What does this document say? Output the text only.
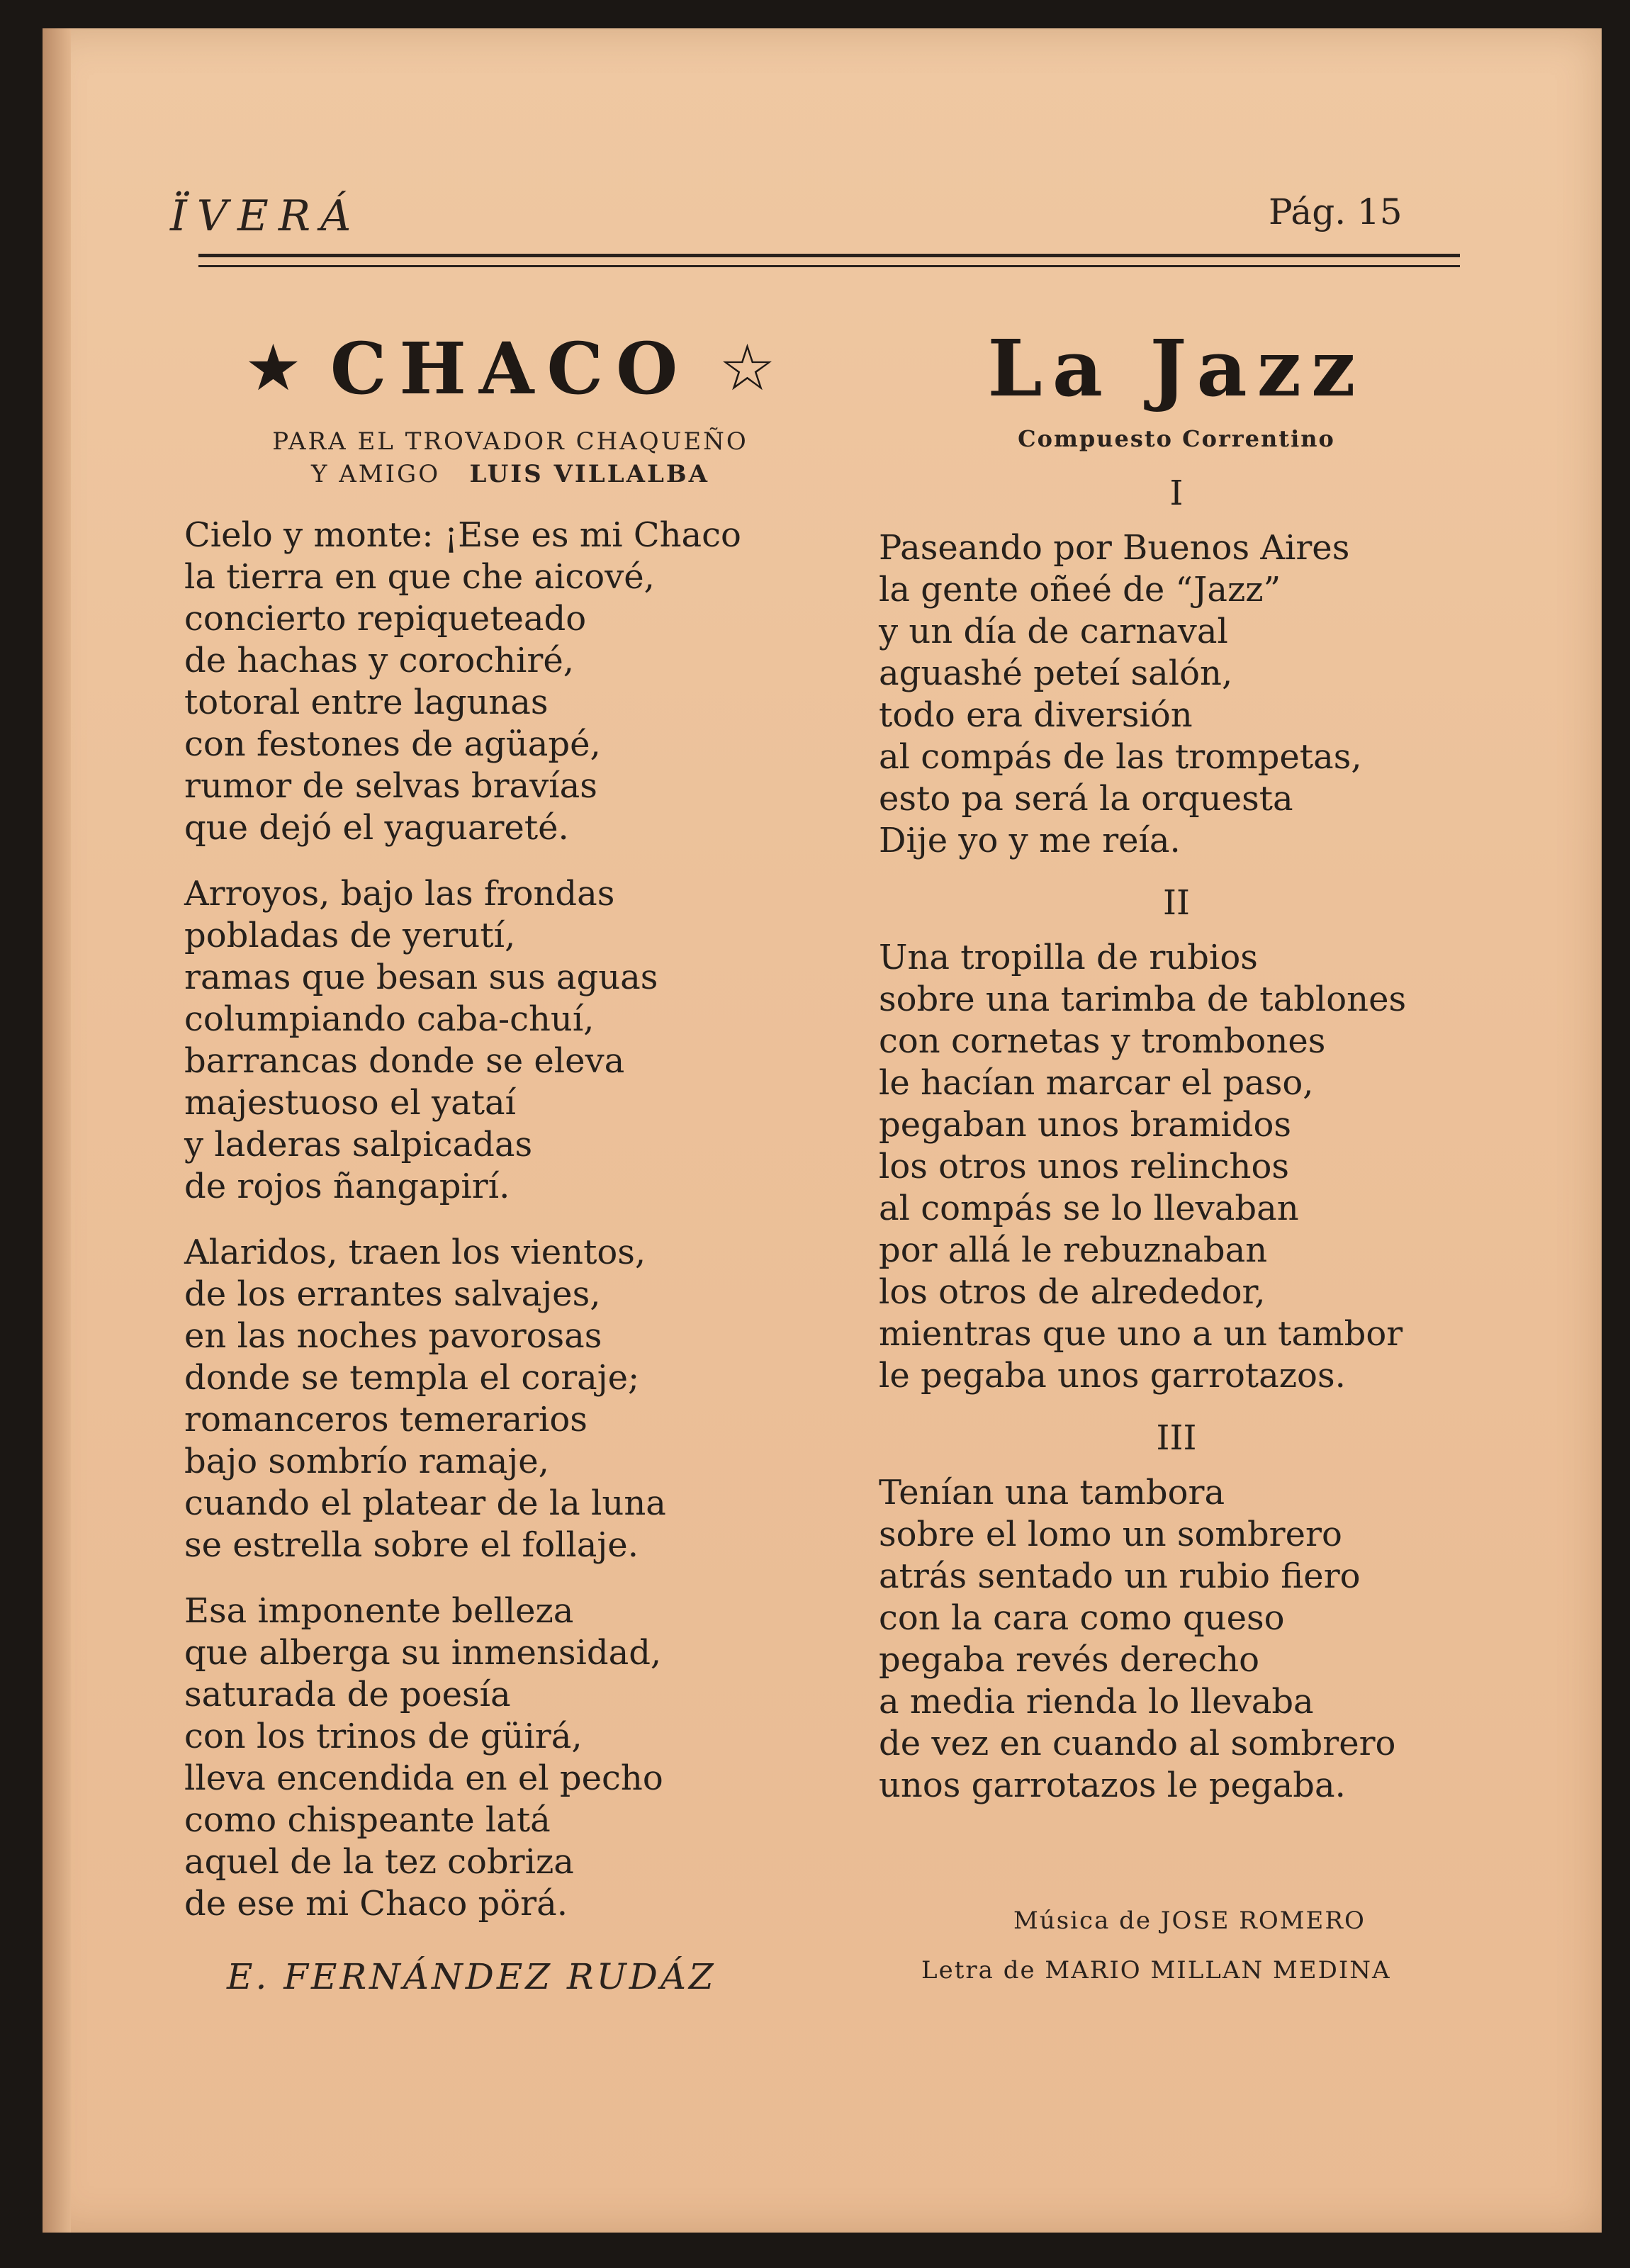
ÏVERÁ	Pág. 15
★ CHACO ☆
PARA EL TROVADOR CHAQUEÑO
Y AMIGO LUIS VILLALBA
Cielo y monte: ¡Ese es mi Chaco
la tierra en que che aicové,
concierto repiqueteado
de hachas y corochiré,
totoral entre lagunas
con festones de agüapé,
rumor de selvas bravías
que dejó el yaguareté.
Arroyos, bajo las frondas
pobladas de yerutí,
ramas que besan sus aguas
columpiando caba-chuí,
barrancas donde se eleva
majestuoso el yataí
y laderas salpicadas
de rojos ñangapirí.
Alaridos, traen los vientos,
de los errantes salvajes,
en las noches pavorosas
donde se templa el coraje;
romanceros temerarios
bajo sombrío ramaje,
cuando el platear de la luna
se estrella sobre el follaje.
Esa imponente belleza
que alberga su inmensidad,
saturada de poesía
con los trinos de güirá,
lleva encendida en el pecho
como chispeante latá
aquel de la tez cobriza
de ese mi Chaco pörá.
E. FERNÁNDEZ RUDÁZ
La Jazz
Compuesto Correntino
I
Paseando por Buenos Aires
la gente oñeé de “Jazz”
y un día de carnaval
aguashé peteí salón,
todo era diversión
al compás de las trompetas,
esto pa será la orquesta
Dije yo y me reía.
II
Una tropilla de rubios
sobre una tarimba de tablones
con cornetas y trombones
le hacían marcar el paso,
pegaban unos bramidos
los otros unos relinchos
al compás se lo llevaban
por allá le rebuznaban
los otros de alrededor,
mientras que uno a un tambor
le pegaba unos garrotazos.
III
Tenían una tambora
sobre el lomo un sombrero
atrás sentado un rubio fiero
con la cara como queso
pegaba revés derecho
a media rienda lo llevaba
de vez en cuando al sombrero
unos garrotazos le pegaba.
Música de JOSE ROMERO
Letra de MARIO MILLAN MEDINA
